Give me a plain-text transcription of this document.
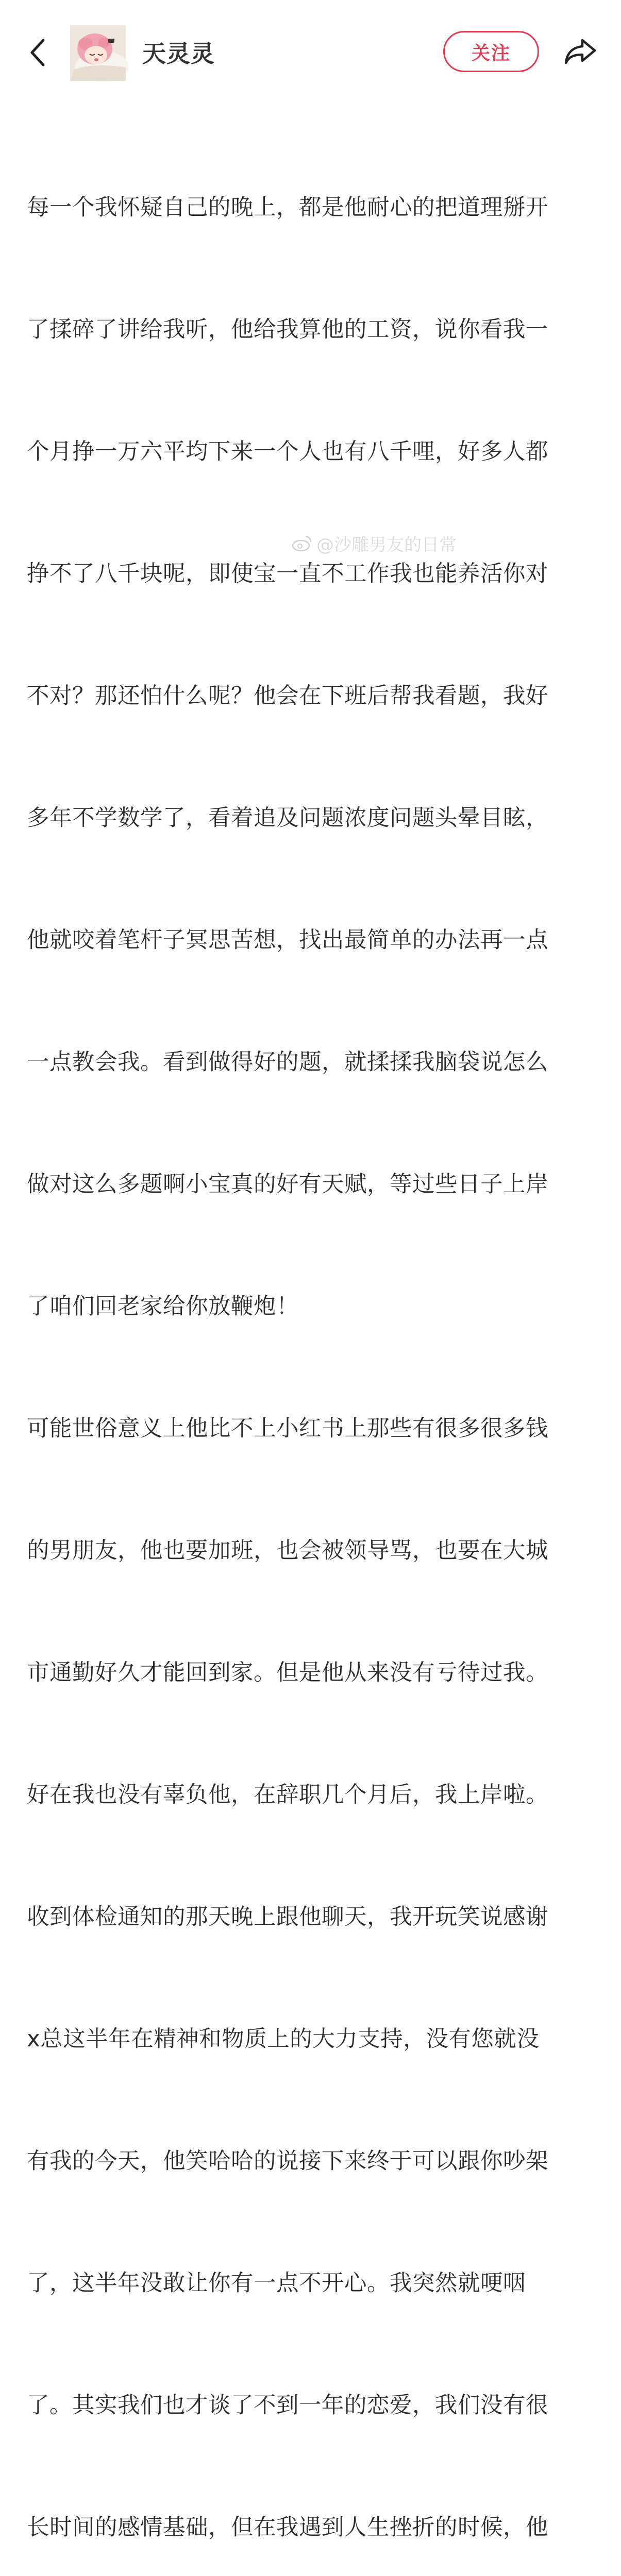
天灵灵	关注

每一个我怀疑自己的晚上，都是他耐心的把道理掰开

了揉碎了讲给我听，他给我算他的工资，说你看我一

个月挣一万六平均下来一个人也有八千哩，好多人都

挣不了八千块呢，即使宝一直不工作我也能养活你对

不对？那还怕什么呢？他会在下班后帮我看题，我好

多年不学数学了，看着追及问题浓度问题头晕目眩，

他就咬着笔杆子冥思苦想，找出最简单的办法再一点

一点教会我。看到做得好的题，就揉揉我脑袋说怎么

做对这么多题啊小宝真的好有天赋，等过些日子上岸

了咱们回老家给你放鞭炮！

可能世俗意义上他比不上小红书上那些有很多很多钱

的男朋友，他也要加班，也会被领导骂，也要在大城

市通勤好久才能回到家。但是他从来没有亏待过我。

好在我也没有辜负他，在辞职几个月后，我上岸啦。

收到体检通知的那天晚上跟他聊天，我开玩笑说感谢

x总这半年在精神和物质上的大力支持，没有您就没

有我的今天，他笑哈哈的说接下来终于可以跟你吵架

了，这半年没敢让你有一点不开心。我突然就哽咽

了。其实我们也才谈了不到一年的恋爱，我们没有很

长时间的感情基础，但在我遇到人生挫折的时候，他

@沙雕男友的日常
